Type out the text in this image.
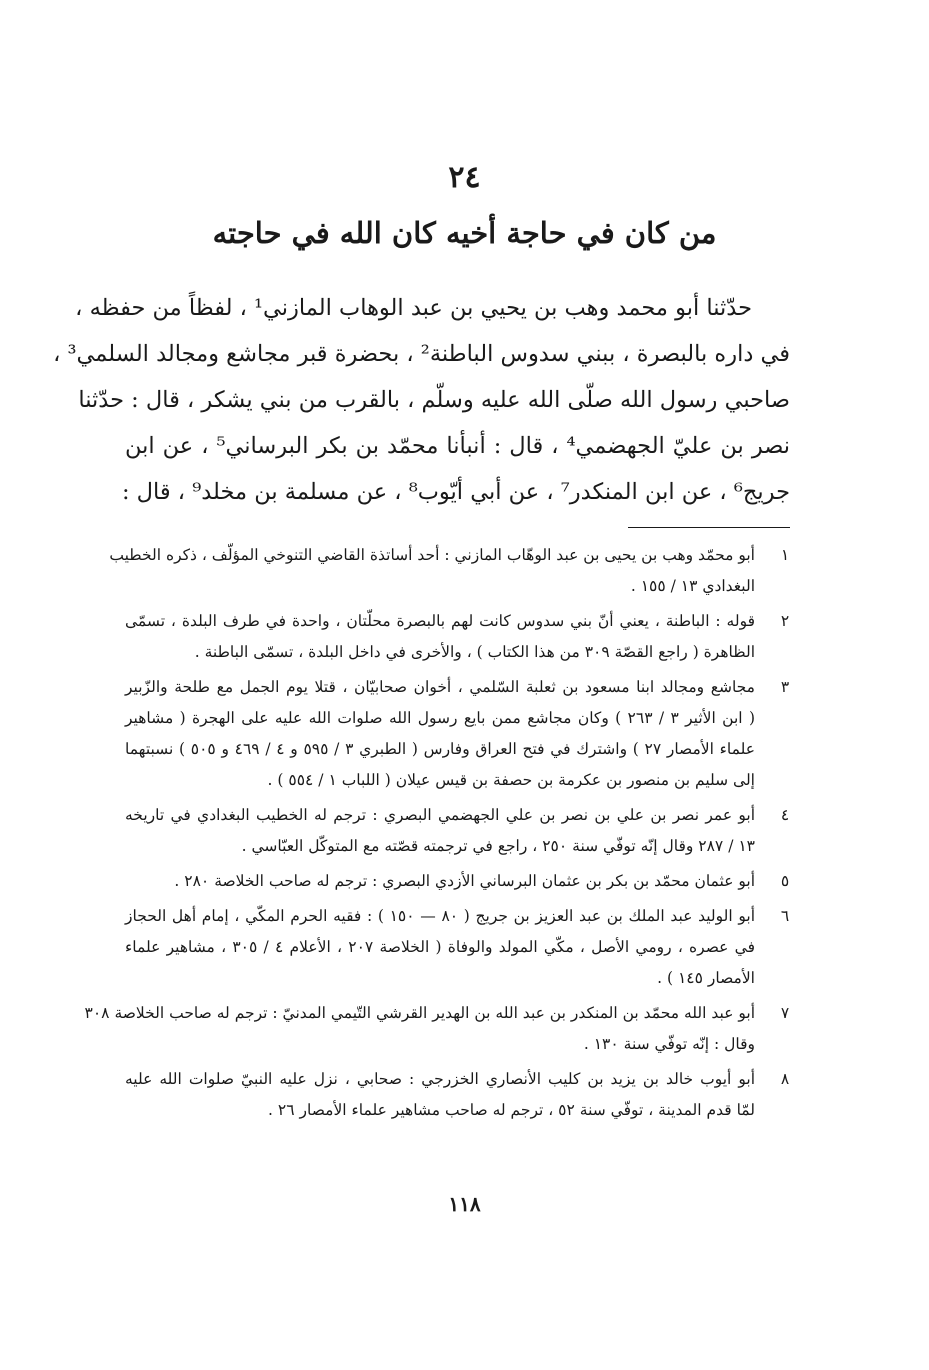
٢٤
من كان في حاجة أخيه كان الله في حاجته
حدّثنا أبو محمد وهب بن يحيي بن عبد الوهاب المازني¹ ، لفظاً من حفظه ،
في داره بالبصرة ، ببني سدوس الباطنة² ، بحضرة قبر مجاشع ومجالد السلمي³ ،
صاحبي رسول الله صلّى الله عليه وسلّم ، بالقرب من بني يشكر ، قال : حدّثنا
نصر بن عليّ الجهضمي⁴ ، قال : أنبأنا محمّد بن بكر البرساني⁵ ، عن ابن
جريج⁶ ، عن ابن المنكدر⁷ ، عن أبي أيّوب⁸ ، عن مسلمة بن مخلد⁹ ، قال :
١
أبو محمّد وهب بن يحيى بن عبد الوهّاب المازني : أحد أساتذة القاضي التنوخي المؤلّف ، ذكره الخطيب
البغدادي ١٣ / ١٥٥ .
٢
قوله : الباطنة ، يعني أنّ بني سدوس كانت لهم بالبصرة محلّتان ، واحدة في طرف البلدة ، تسمّى
الظاهرة ( راجع القصّة ٣٠٩ من هذا الكتاب ) ، والأخرى في داخل البلدة ، تسمّى الباطنة .
٣
مجاشع ومجالد ابنا مسعود بن ثعلبة السّلمي ، أخوان صحابيّان ، قتلا يوم الجمل مع طلحة والزّبير
( ابن الأثير ٣ / ٢٦٣ ) وكان مجاشع ممن بايع رسول الله صلوات الله عليه على الهجرة ( مشاهير
علماء الأمصار ٢٧ ) واشترك في فتح العراق وفارس ( الطبري ٣ / ٥٩٥ و ٤ / ٤٦٩ و ٥٠٥ ) نسبتهما
إلى سليم بن منصور بن عكرمة بن حصفة بن قيس عيلان ( اللباب ١ / ٥٥٤ ) .
٤
أبو عمر نصر بن علي بن نصر بن علي الجهضمي البصري : ترجم له الخطيب البغدادي في تاريخه
١٣ / ٢٨٧ وقال إنّه توفّي سنة ٢٥٠ ، راجع في ترجمته قصّته مع المتوكّل العبّاسي .
٥
أبو عثمان محمّد بن بكر بن عثمان البرساني الأزدي البصري : ترجم له صاحب الخلاصة ٢٨٠ .
٦
أبو الوليد عبد الملك بن عبد العزيز بن جريج ( ٨٠ — ١٥٠ ) : فقيه الحرم المكّي ، إمام أهل الحجاز
في عصره ، رومي الأصل ، مكّي المولد والوفاة ( الخلاصة ٢٠٧ ، الأعلام ٤ / ٣٠٥ ، مشاهير علماء
الأمصار ١٤٥ ) .
٧
أبو عبد الله محمّد بن المنكدر بن عبد الله بن الهدير القرشي التّيمي المدنيّ : ترجم له صاحب الخلاصة ٣٠٨
وقال : إنّه توفّي سنة ١٣٠ .
٨
أبو أيوب خالد بن يزيد بن كليب الأنصاري الخزرجي : صحابي ، نزل عليه النبيّ صلوات الله عليه
لمّا قدم المدينة ، توفّي سنة ٥٢ ، ترجم له صاحب مشاهير علماء الأمصار ٢٦ .
١١٨
